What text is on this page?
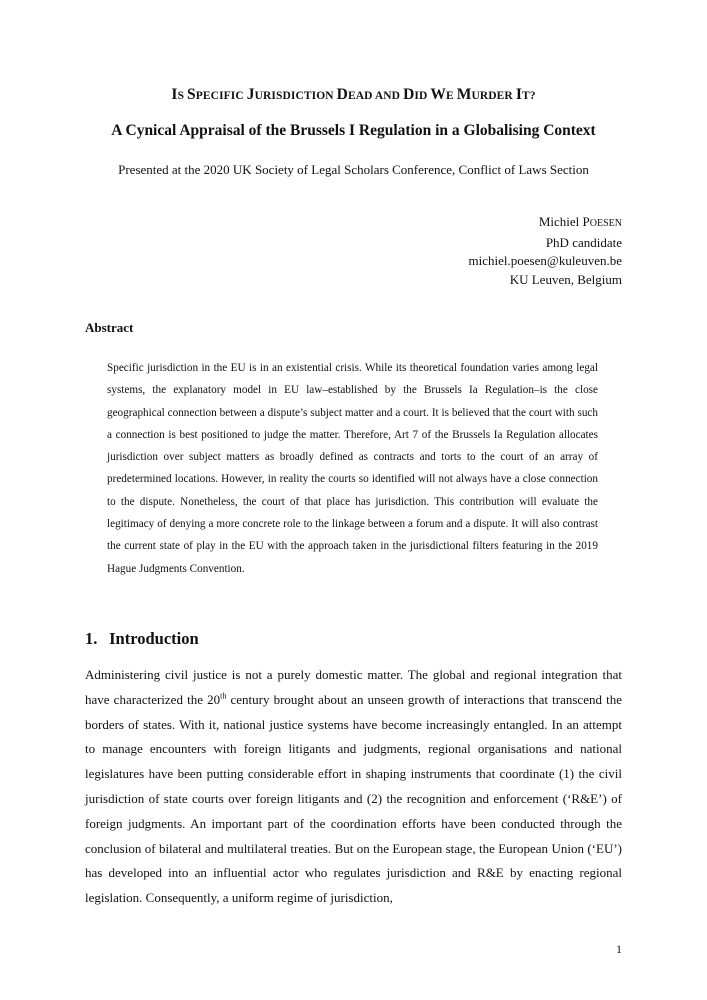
IS SPECIFIC JURISDICTION DEAD AND DID WE MURDER IT?
A Cynical Appraisal of the Brussels I Regulation in a Globalising Context
Presented at the 2020 UK Society of Legal Scholars Conference, Conflict of Laws Section
Michiel POESEN
PhD candidate
michiel.poesen@kuleuven.be
KU Leuven, Belgium
Abstract
Specific jurisdiction in the EU is in an existential crisis. While its theoretical foundation varies among legal systems, the explanatory model in EU law–established by the Brussels Ia Regulation–is the close geographical connection between a dispute’s subject matter and a court. It is believed that the court with such a connection is best positioned to judge the matter. Therefore, Art 7 of the Brussels Ia Regulation allocates jurisdiction over subject matters as broadly defined as contracts and torts to the court of an array of predetermined locations. However, in reality the courts so identified will not always have a close connection to the dispute. Nonetheless, the court of that place has jurisdiction. This contribution will evaluate the legitimacy of denying a more concrete role to the linkage between a forum and a dispute. It will also contrast the current state of play in the EU with the approach taken in the jurisdictional filters featuring in the 2019 Hague Judgments Convention.
1. Introduction
Administering civil justice is not a purely domestic matter. The global and regional integration that have characterized the 20th century brought about an unseen growth of interactions that transcend the borders of states. With it, national justice systems have become increasingly entangled. In an attempt to manage encounters with foreign litigants and judgments, regional organisations and national legislatures have been putting considerable effort in shaping instruments that coordinate (1) the civil jurisdiction of state courts over foreign litigants and (2) the recognition and enforcement (‘R&E’) of foreign judgments. An important part of the coordination efforts have been conducted through the conclusion of bilateral and multilateral treaties. But on the European stage, the European Union (‘EU’) has developed into an influential actor who regulates jurisdiction and R&E by enacting regional legislation. Consequently, a uniform regime of jurisdiction,
1
